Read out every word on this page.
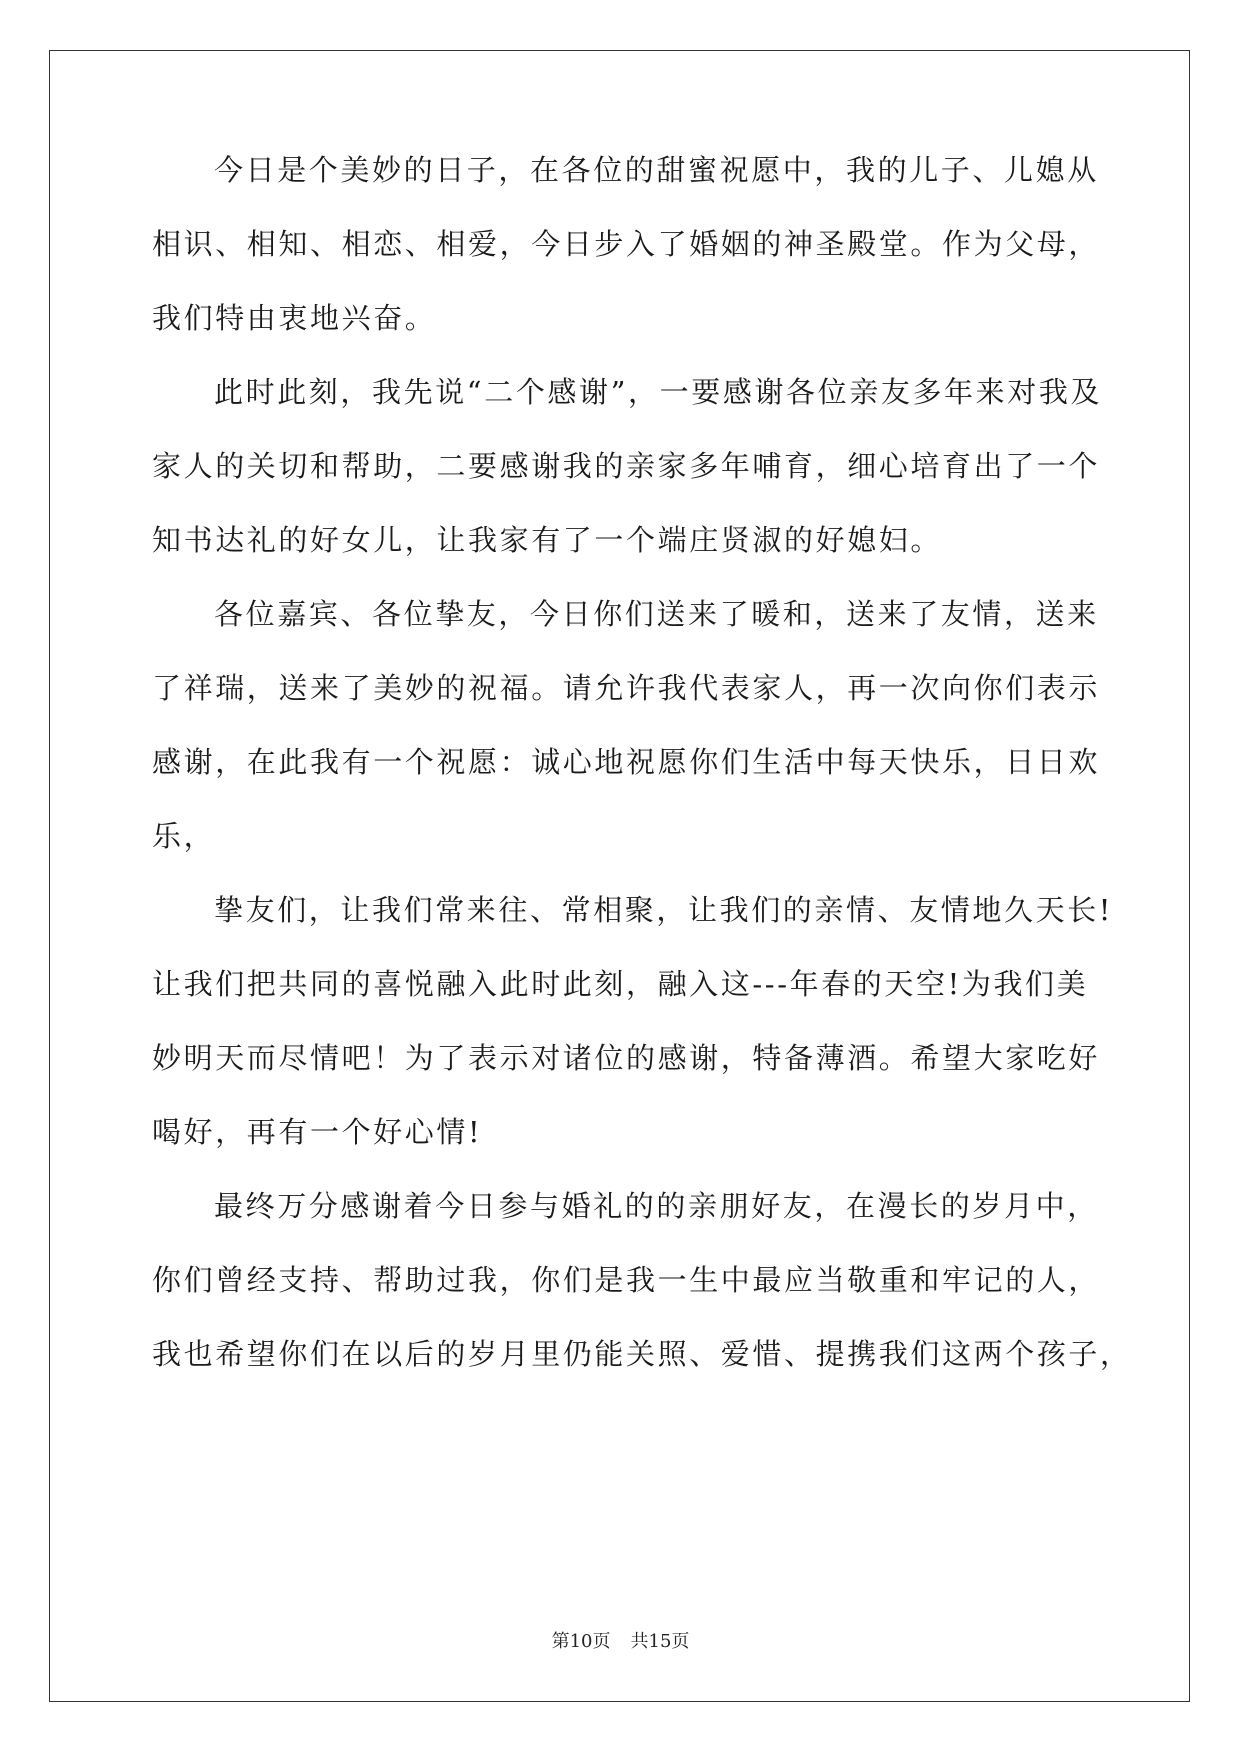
今日是个美妙的日子，在各位的甜蜜祝愿中，我的儿子、儿媳从
相识、相知、相恋、相爱，今日步入了婚姻的神圣殿堂。作为父母，
我们特由衷地兴奋。
此时此刻，我先说“二个感谢”，一要感谢各位亲友多年来对我及
家人的关切和帮助，二要感谢我的亲家多年哺育，细心培育出了一个
知书达礼的好女儿，让我家有了一个端庄贤淑的好媳妇。
各位嘉宾、各位挚友，今日你们送来了暖和，送来了友情，送来
了祥瑞，送来了美妙的祝福。请允许我代表家人，再一次向你们表示
感谢，在此我有一个祝愿：诚心地祝愿你们生活中每天快乐，日日欢
乐，
挚友们，让我们常来往、常相聚，让我们的亲情、友情地久天长!
让我们把共同的喜悦融入此时此刻，融入这---年春的天空!为我们美
妙明天而尽情吧！为了表示对诸位的感谢，特备薄酒。希望大家吃好
喝好，再有一个好心情!
最终万分感谢着今日参与婚礼的的亲朋好友，在漫长的岁月中，
你们曾经支持、帮助过我，你们是我一生中最应当敬重和牢记的人，
我也希望你们在以后的岁月里仍能关照、爱惜、提携我们这两个孩子，
第10页 共15页
